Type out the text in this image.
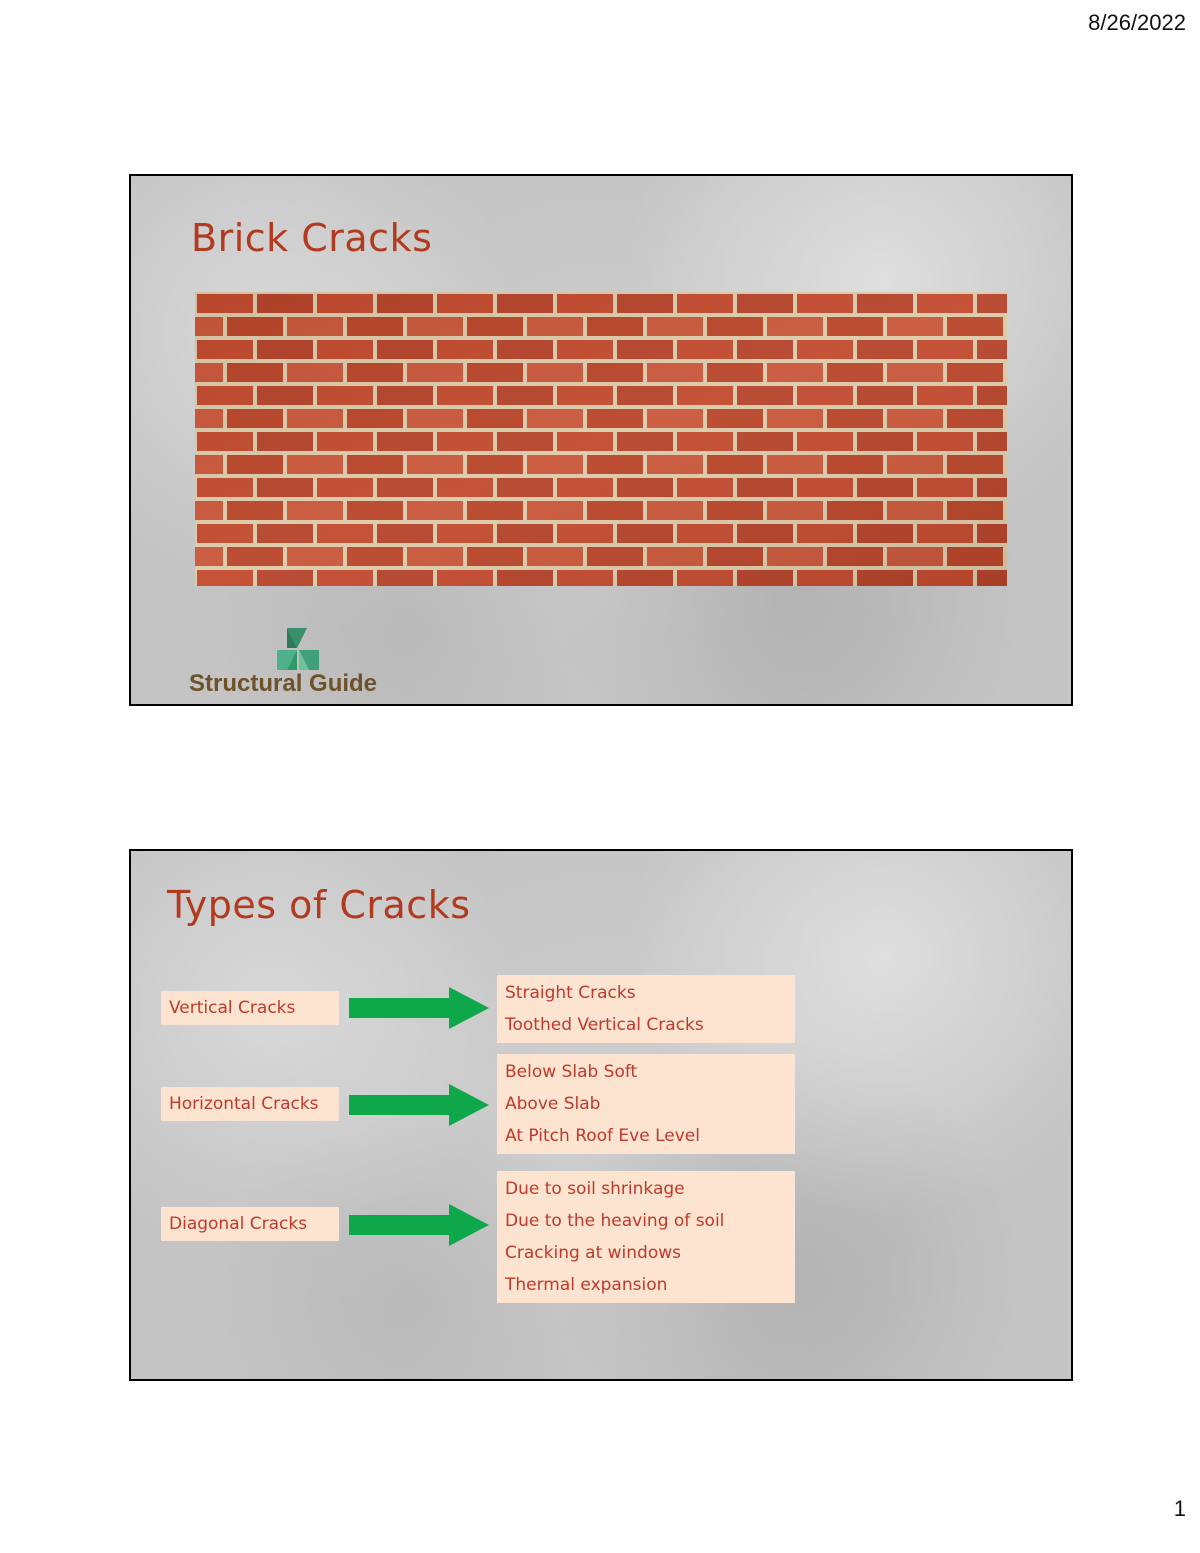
8/26/2022
Brick Cracks
Structural Guide
Types of Cracks
Vertical Cracks
Straight Cracks
Toothed Vertical Cracks
Horizontal Cracks
Below Slab Soft
Above Slab
At Pitch Roof Eve Level
Diagonal Cracks
Due to soil shrinkage
Due to the heaving of soil
Cracking at windows
Thermal expansion
1
